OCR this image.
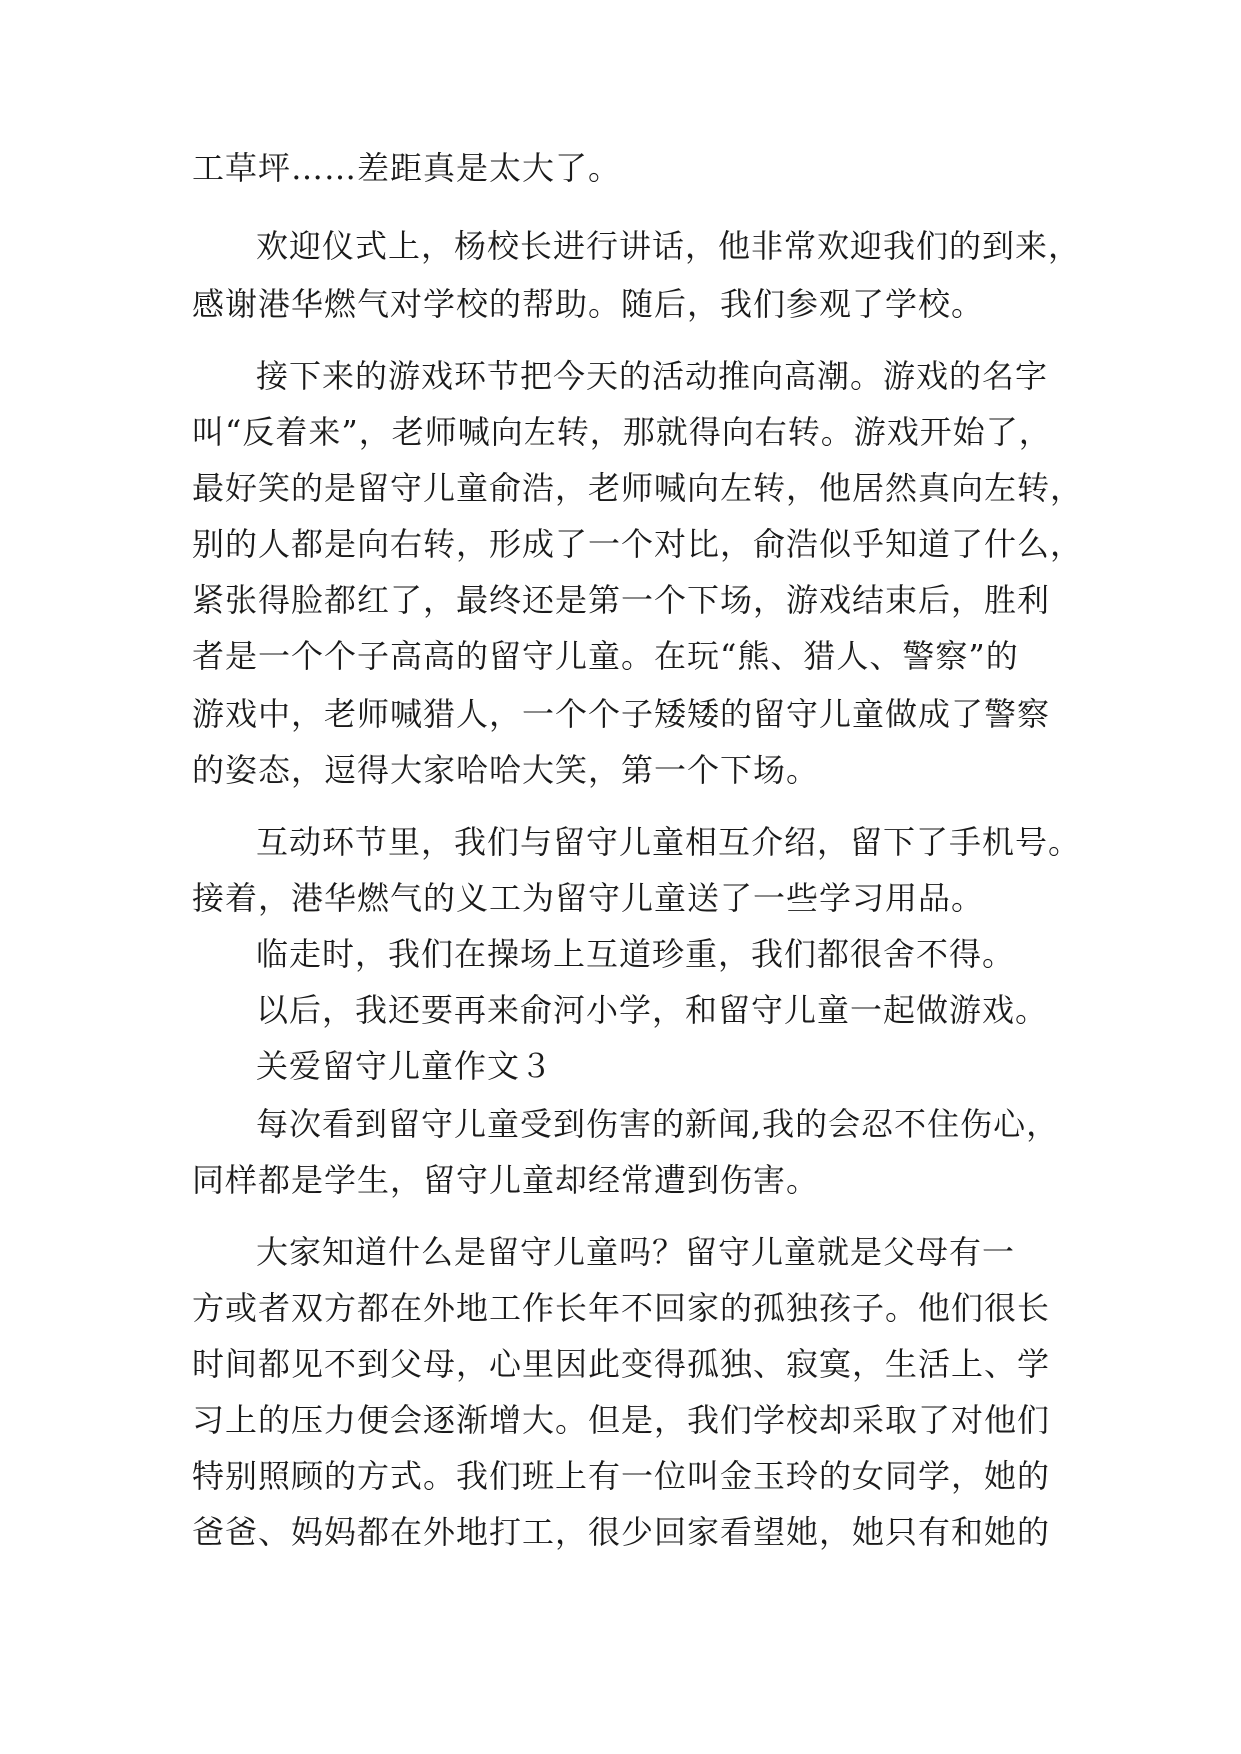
工草坪……差距真是太大了。
欢迎仪式上，杨校长进行讲话，他非常欢迎我们的到来，
感谢港华燃气对学校的帮助。随后，我们参观了学校。
接下来的游戏环节把今天的活动推向高潮。游戏的名字
叫“反着来”，老师喊向左转，那就得向右转。游戏开始了，
最好笑的是留守儿童俞浩，老师喊向左转，他居然真向左转，
别的人都是向右转，形成了一个对比，俞浩似乎知道了什么，
紧张得脸都红了，最终还是第一个下场，游戏结束后，胜利
者是一个个子高高的留守儿童。在玩“熊、猎人、警察”的
游戏中，老师喊猎人，一个个子矮矮的留守儿童做成了警察
的姿态，逗得大家哈哈大笑，第一个下场。
互动环节里，我们与留守儿童相互介绍，留下了手机号。
接着，港华燃气的义工为留守儿童送了一些学习用品。
临走时，我们在操场上互道珍重，我们都很舍不得。
以后，我还要再来俞河小学，和留守儿童一起做游戏。
关爱留守儿童作文３
每次看到留守儿童受到伤害的新闻,我的会忍不住伤心，
同样都是学生，留守儿童却经常遭到伤害。
大家知道什么是留守儿童吗？留守儿童就是父母有一
方或者双方都在外地工作长年不回家的孤独孩子。他们很长
时间都见不到父母，心里因此变得孤独、寂寞，生活上、学
习上的压力便会逐渐增大。但是，我们学校却采取了对他们
特别照顾的方式。我们班上有一位叫金玉玲的女同学，她的
爸爸、妈妈都在外地打工，很少回家看望她，她只有和她的
